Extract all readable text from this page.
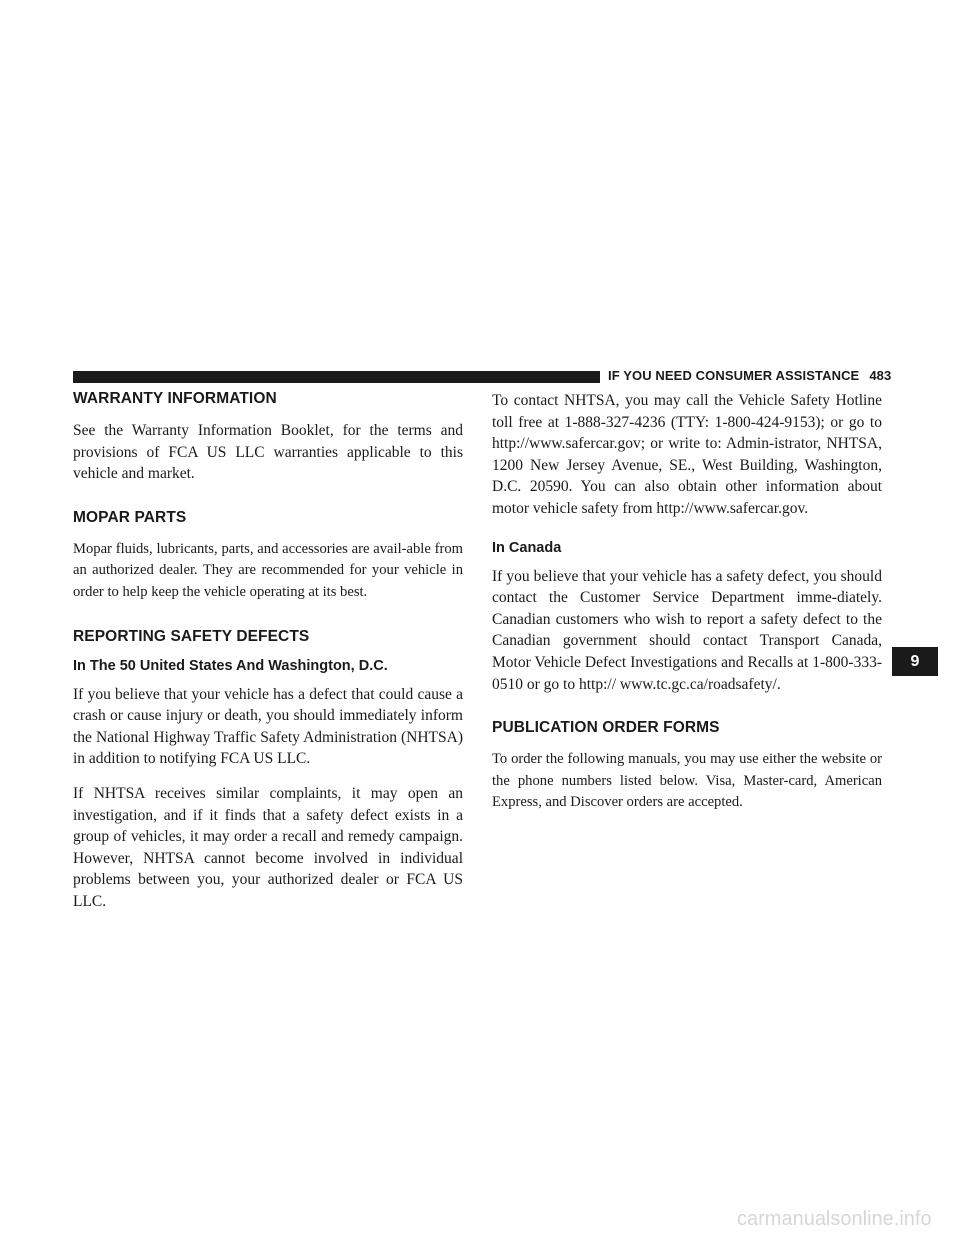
IF YOU NEED CONSUMER ASSISTANCE 483
WARRANTY INFORMATION

See the Warranty Information Booklet, for the terms and provisions of FCA US LLC warranties applicable to this vehicle and market.

MOPAR PARTS

Mopar fluids, lubricants, parts, and accessories are avail-able from an authorized dealer. They are recommended for your vehicle in order to help keep the vehicle operating at its best.

REPORTING SAFETY DEFECTS
In The 50 United States And Washington, D.C.

If you believe that your vehicle has a defect that could cause a crash or cause injury or death, you should immediately inform the National Highway Traffic Safety Administration (NHTSA) in addition to notifying FCA US LLC.

If NHTSA receives similar complaints, it may open an investigation, and if it finds that a safety defect exists in a group of vehicles, it may order a recall and remedy campaign. However, NHTSA cannot become involved in individual problems between you, your authorized dealer or FCA US LLC.

To contact NHTSA, you may call the Vehicle Safety Hotline toll free at 1-888-327-4236 (TTY: 1-800-424-9153); or go to http://www.safercar.gov; or write to: Admin-istrator, NHTSA, 1200 New Jersey Avenue, SE., West Building, Washington, D.C. 20590. You can also obtain other information about motor vehicle safety from http://www.safercar.gov.

In Canada

If you believe that your vehicle has a safety defect, you should contact the Customer Service Department imme-diately. Canadian customers who wish to report a safety defect to the Canadian government should contact Transport Canada, Motor Vehicle Defect Investigations and Recalls at 1-800-333-0510 or go to http:// www.tc.gc.ca/roadsafety/.

PUBLICATION ORDER FORMS

To order the following manuals, you may use either the website or the phone numbers listed below. Visa, Master-card, American Express, and Discover orders are accepted.

9
carmanualsonline.info
